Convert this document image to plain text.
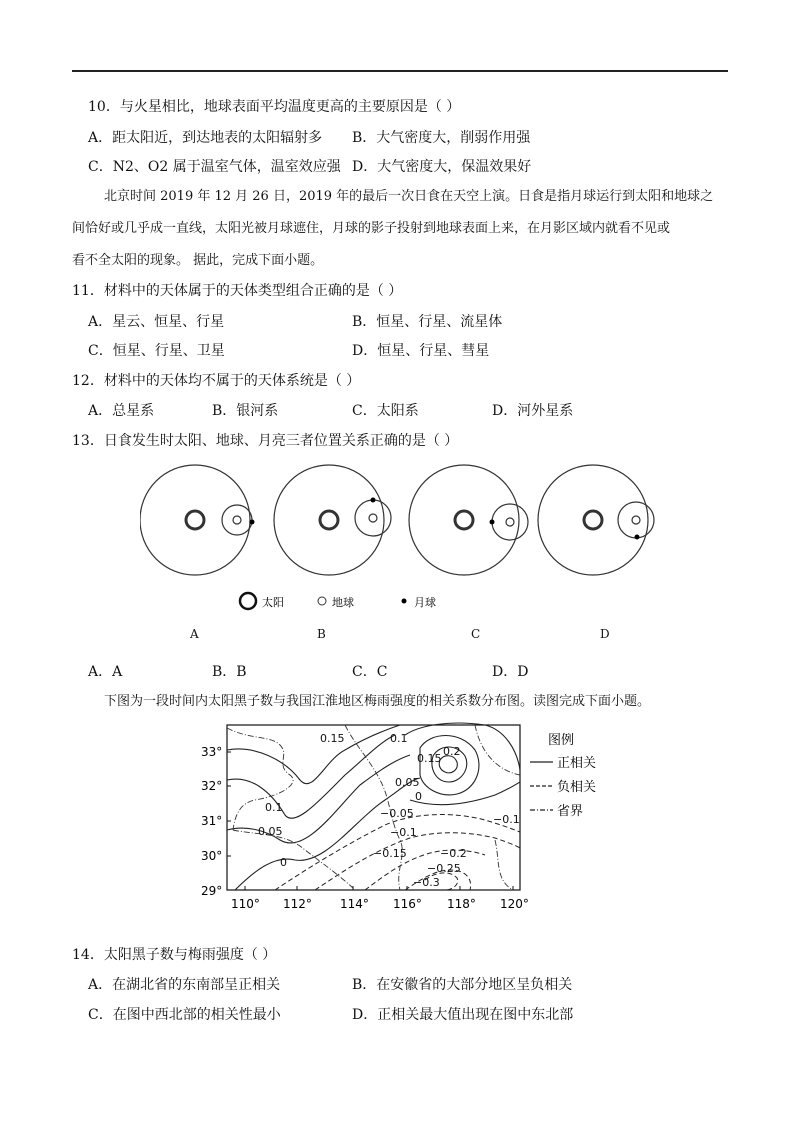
10．与火星相比，地球表面平均温度更高的主要原因是（ ）
A．距太阳近，到达地表的太阳辐射多 B．大气密度大，削弱作用强
C．N2、O2 属于温室气体，温室效应强 D．大气密度大，保温效果好
北京时间 2019 年 12 月 26 日，2019 年的最后一次日食在天空上演。日食是指月球运行到太阳和地球之
间恰好或几乎成一直线，太阳光被月球遮住，月球的影子投射到地球表面上来，在月影区域内就看不见或
看不全太阳的现象。 据此，完成下面小题。
11．材料中的天体属于的天体类型组合正确的是（ ）
A．星云、恒星、行星	B．恒星、行星、流星体
C．恒星、行星、卫星	D．恒星、行星、彗星
12．材料中的天体均不属于的天体系统是（ ）
A．总星系	B．银河系	C．太阳系	D．河外星系
13．日食发生时太阳、地球、月亮三者位置关系正确的是（ ）
太阳	地球	月球
A	B	C	D
A．A	B．B	C．C	D．D
下图为一段时间内太阳黑子数与我国江淮地区梅雨强度的相关系数分布图。读图完成下面小题。
33°
32°
31°
30°
29°
110° 112° 114° 116° 118° 120°
0.15
0.1
0.05
0
0.1
0.15
0.2
0.05
0
−0.05
−0.1
−0.15	−0.2
−0.25
−0.3
−0.1
图例
正相关
负相关
省界
14．太阳黑子数与梅雨强度（ ）
A．在湖北省的东南部呈正相关	B．在安徽省的大部分地区呈负相关
C．在图中西北部的相关性最小	D．正相关最大值出现在图中东北部
